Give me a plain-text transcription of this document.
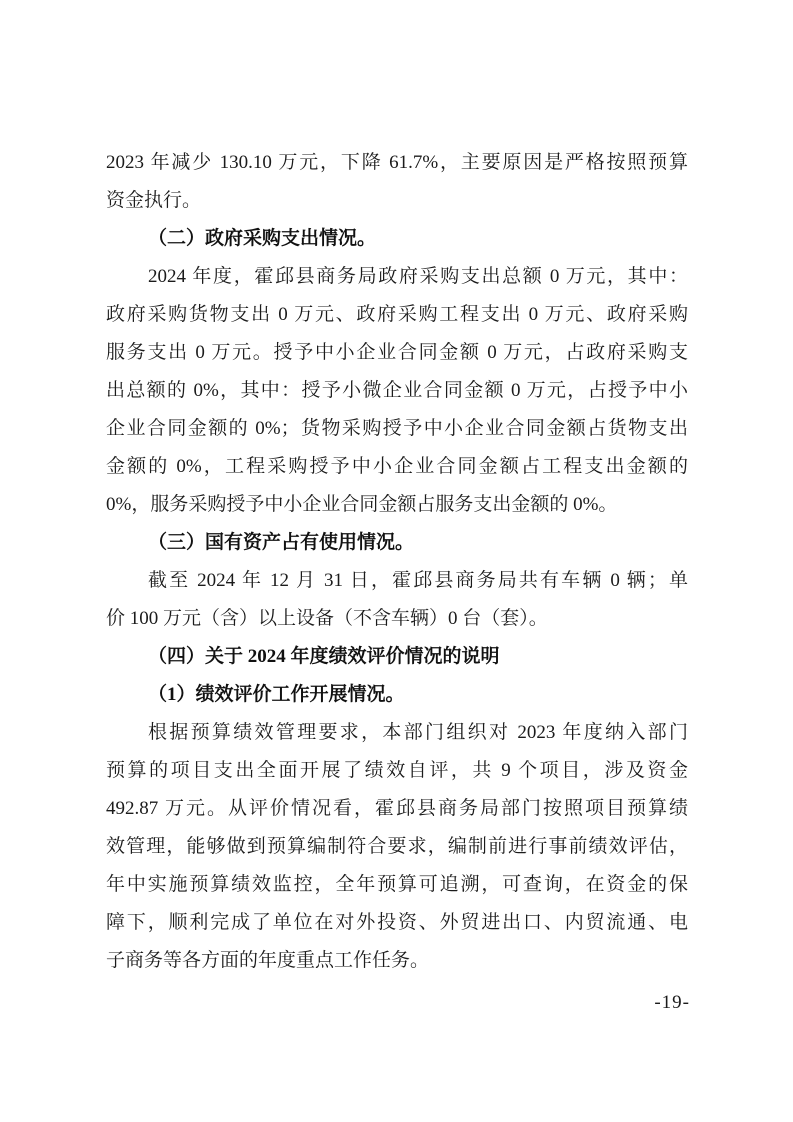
2023 年减少 130.10 万元，下降 61.7%，主要原因是严格按照预算
资金执行。
（二）政府采购支出情况。
2024 年度，霍邱县商务局政府采购支出总额 0 万元，其中：
政府采购货物支出 0 万元、政府采购工程支出 0 万元、政府采购
服务支出 0 万元。授予中小企业合同金额 0 万元，占政府采购支
出总额的 0%，其中：授予小微企业合同金额 0 万元，占授予中小
企业合同金额的 0%；货物采购授予中小企业合同金额占货物支出
金额的 0%，工程采购授予中小企业合同金额占工程支出金额的
0%，服务采购授予中小企业合同金额占服务支出金额的 0%。
（三）国有资产占有使用情况。
截至 2024 年 12 月 31 日，霍邱县商务局共有车辆 0 辆；单
价 100 万元（含）以上设备（不含车辆）0 台（套）。
（四）关于 2024 年度绩效评价情况的说明
（1）绩效评价工作开展情况。
根据预算绩效管理要求，本部门组织对 2023 年度纳入部门
预算的项目支出全面开展了绩效自评，共 9 个项目，涉及资金
492.87 万元。从评价情况看，霍邱县商务局部门按照项目预算绩
效管理，能够做到预算编制符合要求，编制前进行事前绩效评估，
年中实施预算绩效监控，全年预算可追溯，可查询，在资金的保
障下，顺利完成了单位在对外投资、外贸进出口、内贸流通、电
子商务等各方面的年度重点工作任务。
-19-
